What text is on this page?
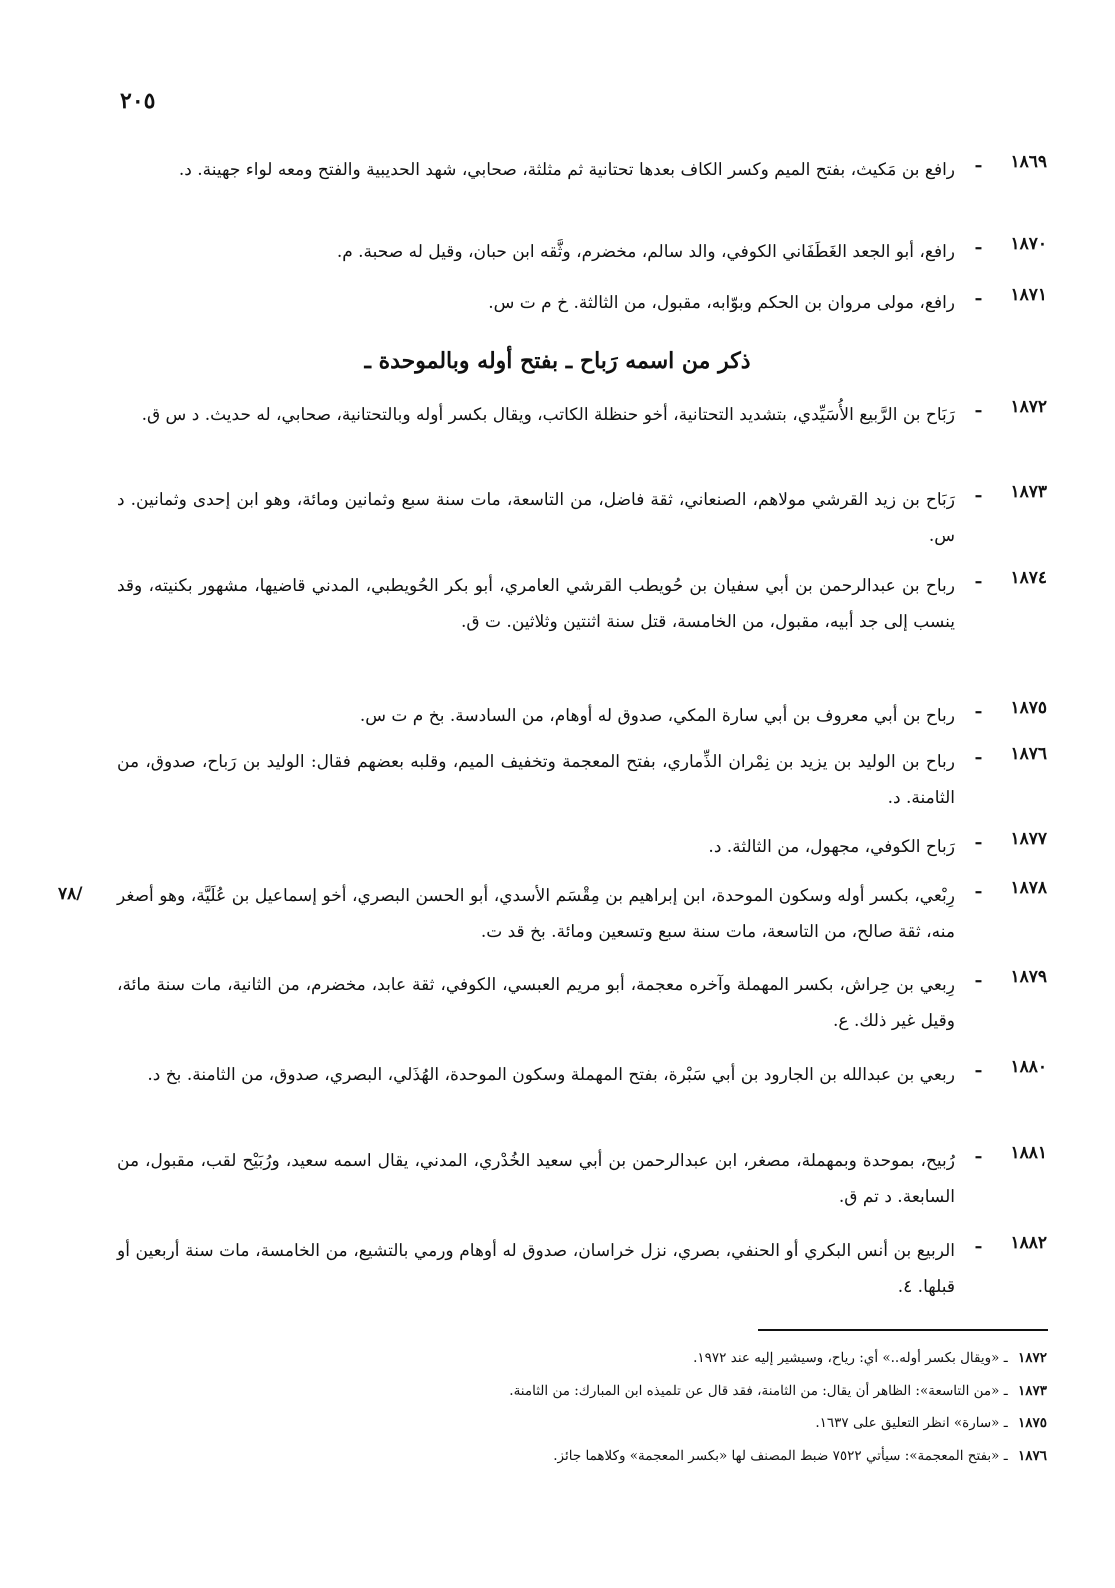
٢٠٥
ذكر من اسمه رَباح ـ بفتح أوله وبالموحدة ـ
٧٨/
١٨٦٩
ـ
رافع بن مَكيث، بفتح الميم وكسر الكاف بعدها تحتانية ثم مثلثة، صحابي، شهد الحديبية والفتح ومعه لواء جهينة. د.
١٨٧٠
ـ
رافع، أبو الجعد الغَطَفَاني الكوفي، والد سالم، مخضرم، وثَّقه ابن حبان، وقيل له صحبة. م.
١٨٧١
ـ
رافع، مولى مروان بن الحكم وبوّابه، مقبول، من الثالثة. خ م ت س.
١٨٧٢
ـ
رَبَاح بن الرَّبيع الأُسَيِّدي، بتشديد التحتانية، أخو حنظلة الكاتب، ويقال بكسر أوله وبالتحتانية، صحابي، له حديث. د س ق.
١٨٧٣
ـ
رَبَاح بن زيد القرشي مولاهم، الصنعاني، ثقة فاضل، من التاسعة، مات سنة سبع وثمانين ومائة، وهو ابن إحدى وثمانين. د س.
١٨٧٤
ـ
رباح بن عبدالرحمن بن أبي سفيان بن حُويطب القرشي العامري، أبو بكر الحُويطبي، المدني قاضيها، مشهور بكنيته، وقد ينسب إلى جد أبيه، مقبول، من الخامسة، قتل سنة اثنتين وثلاثين. ت ق.
١٨٧٥
ـ
رباح بن أبي معروف بن أبي سارة المكي، صدوق له أوهام، من السادسة. بخ م ت س.
١٨٧٦
ـ
رباح بن الوليد بن يزيد بن نِمْران الذِّماري، بفتح المعجمة وتخفيف الميم، وقلبه بعضهم فقال: الوليد بن رَباح، صدوق، من الثامنة. د.
١٨٧٧
ـ
رَباح الكوفي، مجهول، من الثالثة. د.
١٨٧٨
ـ
رِبْعي، بكسر أوله وسكون الموحدة، ابن إبراهيم بن مِقْسَم الأسدي، أبو الحسن البصري، أخو إسماعيل بن عُلَيَّة، وهو أصغر منه، ثقة صالح، من التاسعة، مات سنة سبع وتسعين ومائة. بخ قد ت.
١٨٧٩
ـ
رِبعي بن حِراش، بكسر المهملة وآخره معجمة، أبو مريم العبسي، الكوفي، ثقة عابد، مخضرم، من الثانية، مات سنة مائة، وقيل غير ذلك. ع.
١٨٨٠
ـ
ربعي بن عبدالله بن الجارود بن أبي سَبْرة، بفتح المهملة وسكون الموحدة، الهُذَلي، البصري، صدوق، من الثامنة. بخ د.
١٨٨١
ـ
رُبيح، بموحدة وبمهملة، مصغر، ابن عبدالرحمن بن أبي سعيد الخُدْري، المدني، يقال اسمه سعيد، ورُبَيْح لقب، مقبول، من السابعة. د تم ق.
١٨٨٢
ـ
الربيع بن أنس البكري أو الحنفي، بصري، نزل خراسان، صدوق له أوهام ورمي بالتشيع، من الخامسة، مات سنة أربعين أو قبلها. ٤.
١٨٧٢ ـ «ويقال بكسر أوله..» أي: رياح، وسيشير إليه عند ١٩٧٢.
١٨٧٣ ـ «من التاسعة»: الظاهر أن يقال: من الثامنة، فقد قال عن تلميذه ابن المبارك: من الثامنة.
١٨٧٥ ـ «سارة» انظر التعليق على ١٦٣٧.
١٨٧٦ ـ «بفتح المعجمة»: سيأتي ٧٥٢٢ ضبط المصنف لها «بكسر المعجمة» وكلاهما جائز.
